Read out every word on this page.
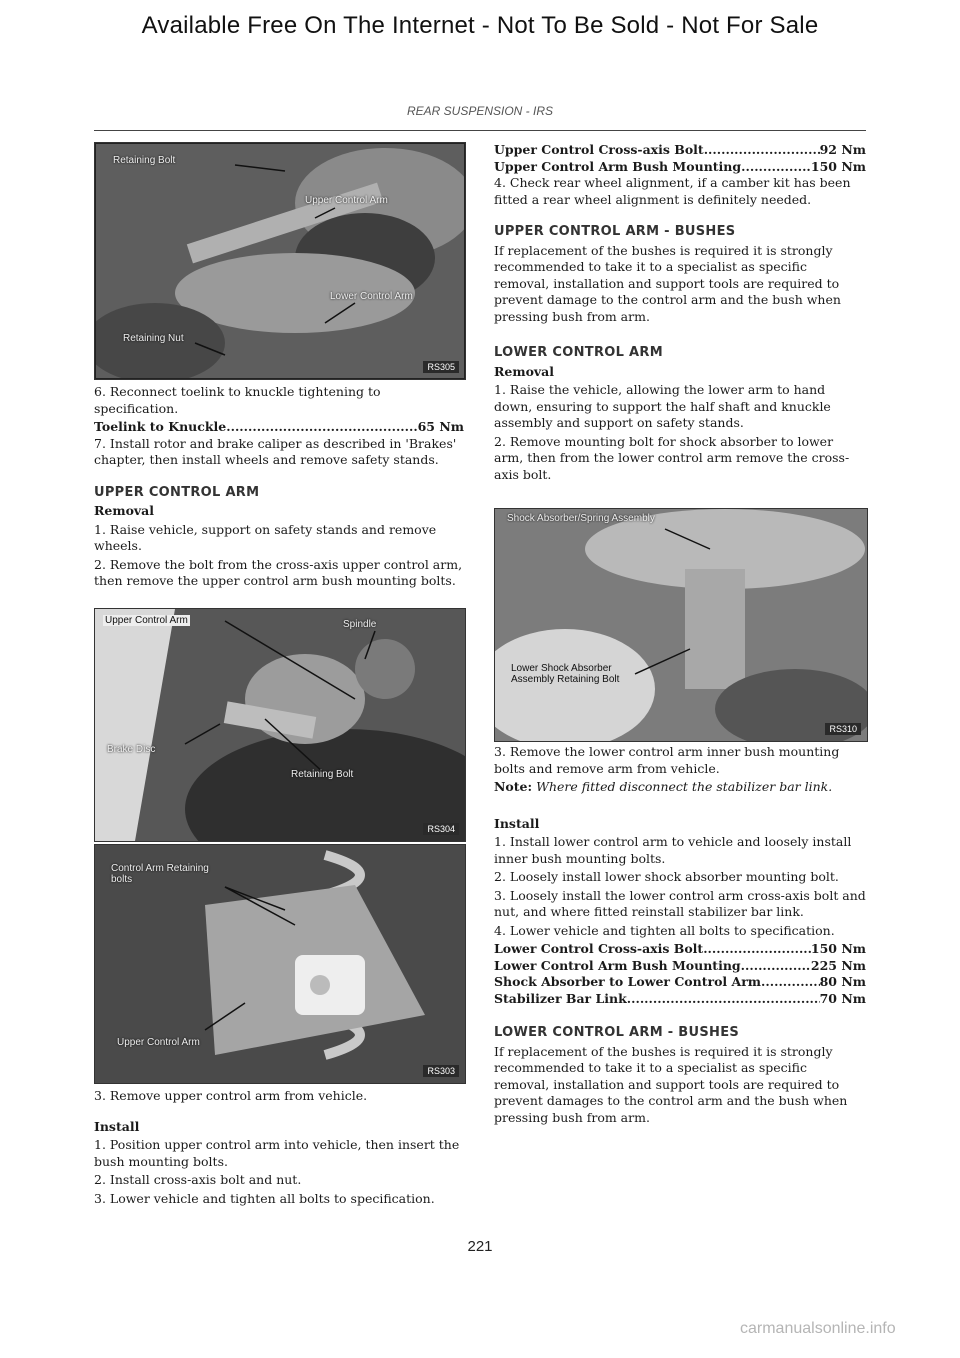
Available Free On The Internet - Not To Be Sold - Not For Sale
REAR SUSPENSION - IRS
Retaining Bolt
Upper Control Arm
Lower Control Arm
Retaining Nut
RS305

6. Reconnect toelink to knuckle tightening to specification.

Toelink to Knuckle .....	65 Nm

7. Install rotor and brake caliper as described in 'Brakes' chapter, then install wheels and remove safety stands.

UPPER CONTROL ARM

Removal

1. Raise vehicle, support on safety stands and remove wheels.

2. Remove the bolt from the cross-axis upper control arm, then remove the upper control arm bush mounting bolts.

Upper Control Arm	Spindle
Brake Disc
Retaining Bolt
RS304
Control Arm Retaining bolts
Upper Control Arm
RS303

3. Remove upper control arm from vehicle.

Install

1. Position upper control arm into vehicle, then insert the bush mounting bolts.

2. Install cross-axis bolt and nut.

3. Lower vehicle and tighten all bolts to specification.

Upper Control Cross-axis Bolt .....	92 Nm
Upper Control Arm Bush Mounting .....	150 Nm

4. Check rear wheel alignment, if a camber kit has been fitted a rear wheel alignment is definitely needed.

UPPER CONTROL ARM - BUSHES

If replacement of the bushes is required it is strongly recommended to take it to a specialist as specific removal, installation and support tools are required to prevent damage to the control arm and the bush when pressing bush from arm.

LOWER CONTROL ARM

Removal

1. Raise the vehicle, allowing the lower arm to hand down, ensuring to support the half shaft and knuckle assembly and support on safety stands.

2. Remove mounting bolt for shock absorber to lower arm, then from the lower control arm remove the cross-axis bolt.

Shock Absorber/Spring Assembly
Lower Shock Absorber Assembly Retaining Bolt
RS310

3. Remove the lower control arm inner bush mounting bolts and remove arm from vehicle.

Note: Where fitted disconnect the stabilizer bar link.

Install

1. Install lower control arm to vehicle and loosely install inner bush mounting bolts.

2. Loosely install lower shock absorber mounting bolt.

3. Loosely install the lower control arm cross-axis bolt and nut, and where fitted reinstall stabilizer bar link.

4. Lower vehicle and tighten all bolts to specification.

Lower Control Cross-axis Bolt .....	150 Nm
Lower Control Arm Bush Mounting .....	225 Nm
Shock Absorber to Lower Control Arm .....	80 Nm
Stabilizer Bar Link .....	70 Nm

LOWER CONTROL ARM - BUSHES

If replacement of the bushes is required it is strongly recommended to take it to a specialist as specific removal, installation and support tools are required to prevent damages to the control arm and the bush when pressing bush from arm.

221
carmanualsonline.info
